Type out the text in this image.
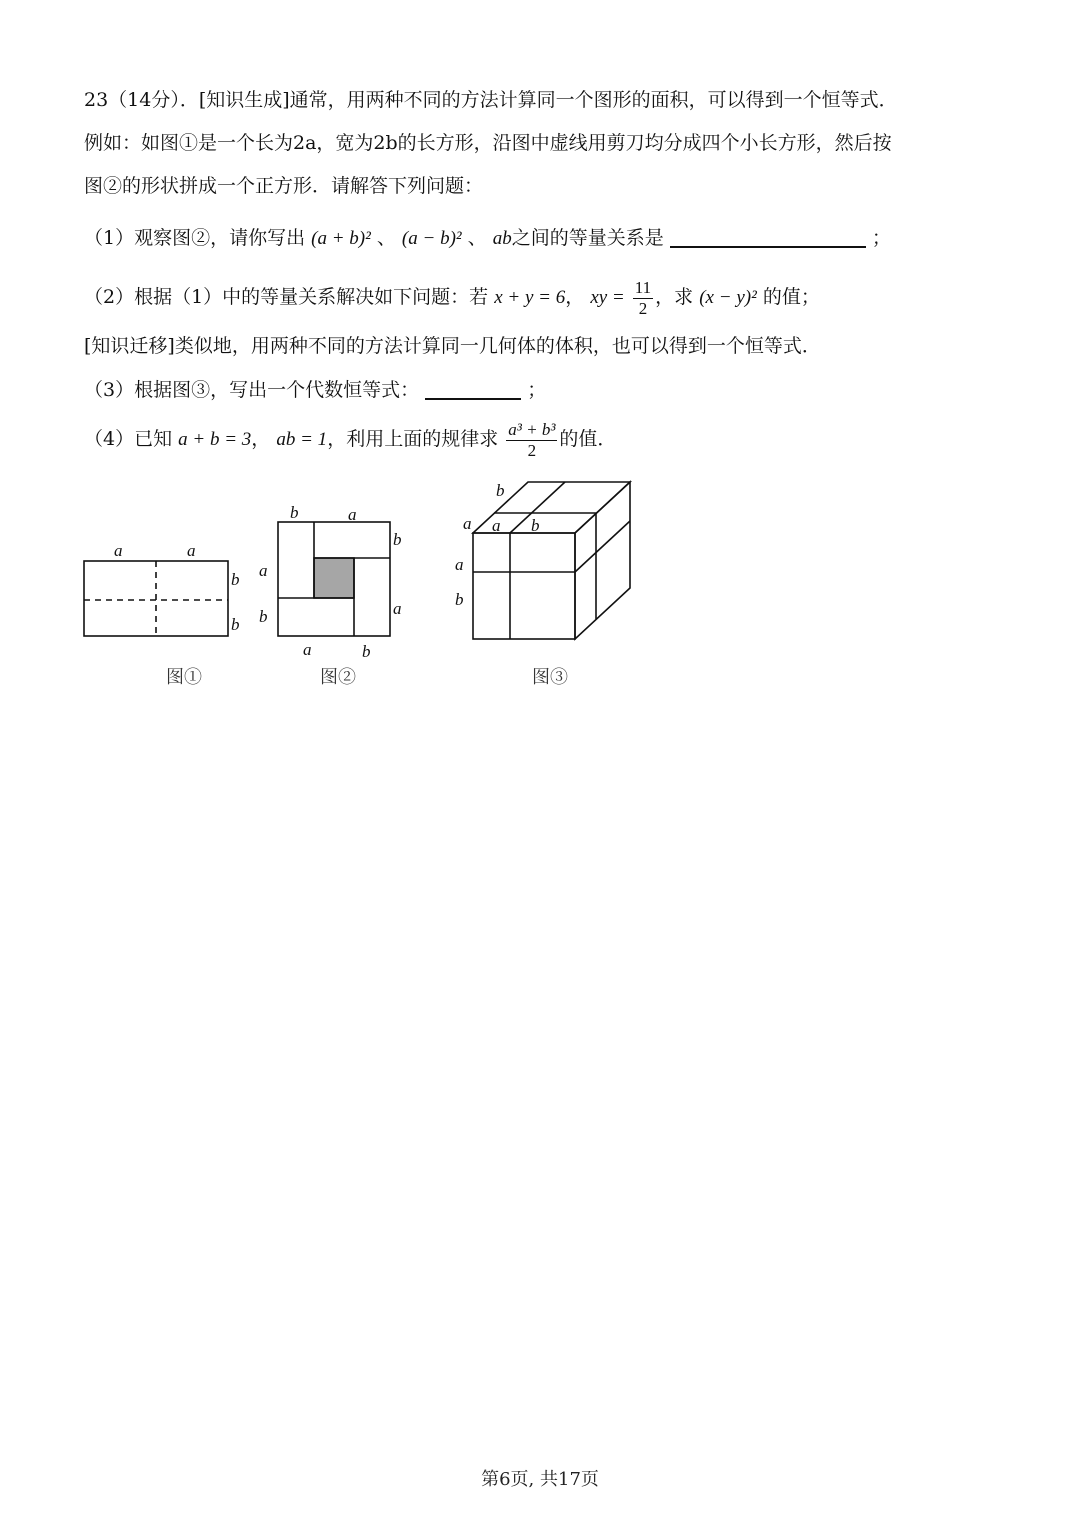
23（14分）．[知识生成]通常，用两种不同的方法计算同一个图形的面积，可以得到一个恒等式．
例如：如图①是一个长为2a，宽为2b的长方形，沿图中虚线用剪刀均分成四个小长方形，然后按
图②的形状拼成一个正方形．请解答下列问题：
（1）观察图②，请你写出 (a + b)² 、 (a − b)² 、 ab之间的等量关系是	；
（2）根据（1）中的等量关系解决如下问题：若 x + y = 6， xy = $\frac{11}{2}$ ，求 (x − y)² 的值；
[知识迁移]类似地，用两种不同的方法计算同一几何体的体积，也可以得到一个恒等式．
（3）根据图③，写出一个代数恒等式：	；
（4）已知 a + b = 3， ab = 1，利用上面的规律求 $\frac{\text{a³ + b³}}{2}$ 的值．
a	a
b
b
图①
b	a
b
a
b	a
a	b
图②
b
a a b
a
b
图③
第6页, 共17页
